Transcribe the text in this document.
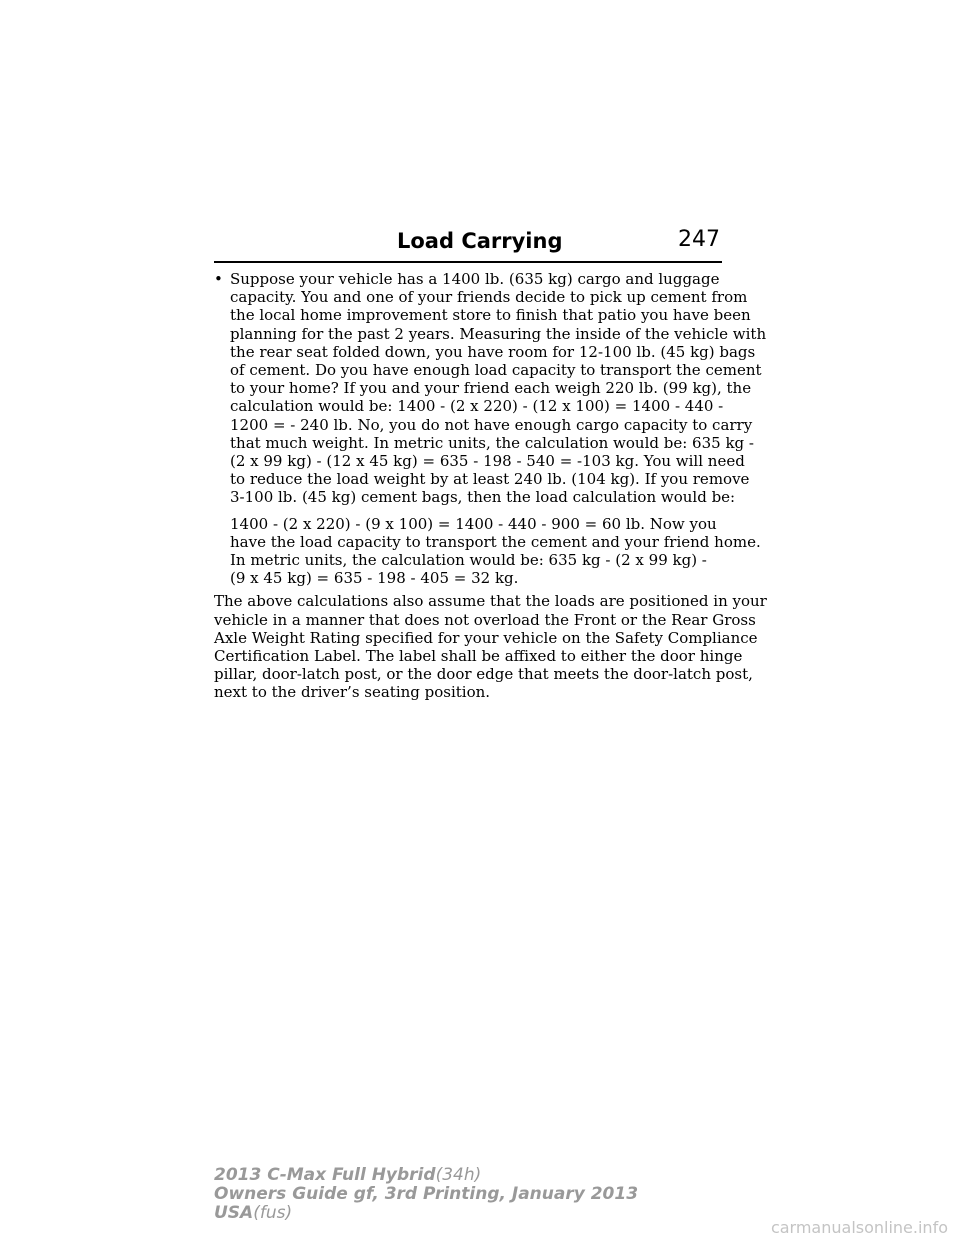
Load Carrying	247
• Suppose your vehicle has a 1400 lb. (635 kg) cargo and luggage
capacity. You and one of your friends decide to pick up cement from
the local home improvement store to finish that patio you have been
planning for the past 2 years. Measuring the inside of the vehicle with
the rear seat folded down, you have room for 12-100 lb. (45 kg) bags
of cement. Do you have enough load capacity to transport the cement
to your home? If you and your friend each weigh 220 lb. (99 kg), the
calculation would be: 1400 - (2 x 220) - (12 x 100) = 1400 - 440 -
1200 = - 240 lb. No, you do not have enough cargo capacity to carry
that much weight. In metric units, the calculation would be: 635 kg -
(2 x 99 kg) - (12 x 45 kg) = 635 - 198 - 540 = -103 kg. You will need
to reduce the load weight by at least 240 lb. (104 kg). If you remove
3-100 lb. (45 kg) cement bags, then the load calculation would be:
1400 - (2 x 220) - (9 x 100) = 1400 - 440 - 900 = 60 lb. Now you
have the load capacity to transport the cement and your friend home.
In metric units, the calculation would be: 635 kg - (2 x 99 kg) -
(9 x 45 kg) = 635 - 198 - 405 = 32 kg.
The above calculations also assume that the loads are positioned in your
vehicle in a manner that does not overload the Front or the Rear Gross
Axle Weight Rating specified for your vehicle on the Safety Compliance
Certification Label. The label shall be affixed to either the door hinge
pillar, door-latch post, or the door edge that meets the door-latch post,
next to the driver’s seating position.
2013 C-Max Full Hybrid(34h)
Owners Guide gf, 3rd Printing, January 2013
USA(fus)
carmanualsonline.info
